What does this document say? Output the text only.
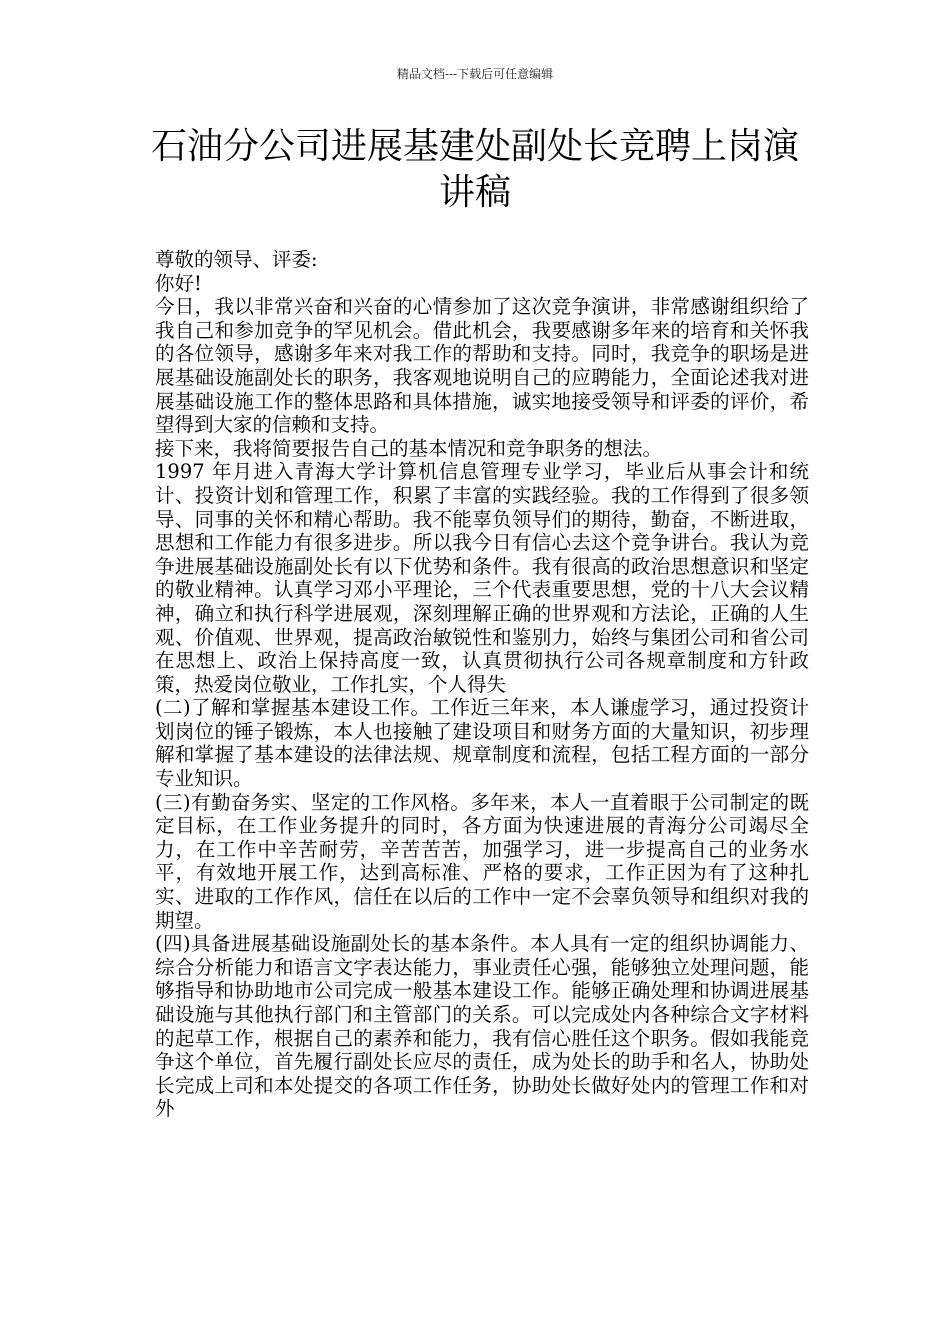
精品文档---下载后可任意编辑
石油分公司进展基建处副处长竞聘上岗演
讲稿

尊敬的领导、评委:

你好!

今日，我以非常兴奋和兴奋的心情参加了这次竞争演讲，非常感谢组织给了我自己和参加竞争的罕见机会。借此机会，我要感谢多年来的培育和关怀我的各位领导，感谢多年来对我工作的帮助和支持。同时，我竞争的职场是进展基础设施副处长的职务，我客观地说明自己的应聘能力，全面论述我对进展基础设施工作的整体思路和具体措施，诚实地接受领导和评委的评价，希望得到大家的信赖和支持。

接下来，我将简要报告自己的基本情况和竞争职务的想法。

1997 年月进入青海大学计算机信息管理专业学习，毕业后从事会计和统计、投资计划和管理工作，积累了丰富的实践经验。我的工作得到了很多领导、同事的关怀和精心帮助。我不能辜负领导们的期待，勤奋，不断进取，思想和工作能力有很多进步。所以我今日有信心去这个竞争讲台。我认为竞争进展基础设施副处长有以下优势和条件。我有很高的政治思想意识和坚定的敬业精神。认真学习邓小平理论，三个代表重要思想，党的十八大会议精神，确立和执行科学进展观，深刻理解正确的世界观和方法论，正确的人生观、价值观、世界观，提高政治敏锐性和鉴别力，始终与集团公司和省公司在思想上、政治上保持高度一致，认真贯彻执行公司各规章制度和方针政策，热爱岗位敬业，工作扎实，个人得失

(二)了解和掌握基本建设工作。工作近三年来，本人谦虚学习，通过投资计划岗位的锤子锻炼，本人也接触了建设项目和财务方面的大量知识，初步理解和掌握了基本建设的法律法规、规章制度和流程，包括工程方面的一部分专业知识。

(三)有勤奋务实、坚定的工作风格。多年来，本人一直着眼于公司制定的既定目标，在工作业务提升的同时，各方面为快速进展的青海分公司竭尽全力，在工作中辛苦耐劳，辛苦苦苦，加强学习，进一步提高自己的业务水平，有效地开展工作，达到高标准、严格的要求，工作正因为有了这种扎实、进取的工作作风，信任在以后的工作中一定不会辜负领导和组织对我的期望。

(四)具备进展基础设施副处长的基本条件。本人具有一定的组织协调能力、综合分析能力和语言文字表达能力，事业责任心强，能够独立处理问题，能够指导和协助地市公司完成一般基本建设工作。能够正确处理和协调进展基础设施与其他执行部门和主管部门的关系。可以完成处内各种综合文字材料的起草工作，根据自己的素养和能力，我有信心胜任这个职务。假如我能竞争这个单位，首先履行副处长应尽的责任，成为处长的助手和名人，协助处长完成上司和本处提交的各项工作任务，协助处长做好处内的管理工作和对外
